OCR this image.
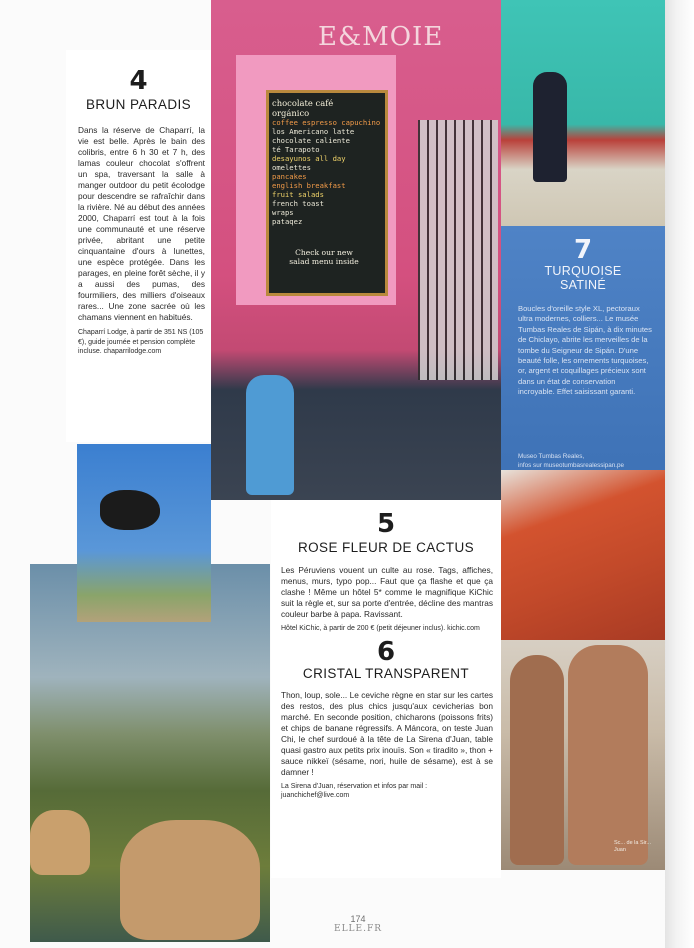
E&MOIE
chocolate café
orgánico
coffee espresso capuchino
los Americano latte
chocolate caliente
té Tarapoto
desayunos all day
omelettes
pancakes
english breakfast
fruit salads
french toast
wraps
pataqez
Check our new
salad menu inside
Sc... de la Sir... Juan
4
BRUN PARADIS
Dans la réserve de Chaparrí, la vie est belle. Après le bain des colibris, entre 6 h 30 et 7 h, des lamas couleur chocolat s'offrent un spa, traversant la salle à manger outdoor du petit écolodge pour descendre se rafraîchir dans la rivière. Né au début des années 2000, Chaparrí est tout à la fois une communauté et une réserve privée, abritant une petite cinquantaine d'ours à lunettes, une espèce protégée. Dans les parages, en pleine forêt sèche, il y a aussi des pumas, des fourmiliers, des milliers d'oiseaux rares... Une zone sacrée où les chamans viennent en habitués.
Chaparrí Lodge, à partir de 351 NS (105 €), guide journée et pension complète incluse. chaparrilodge.com
5
ROSE FLEUR DE CACTUS
Les Péruviens vouent un culte au rose. Tags, affiches, menus, murs, typo pop... Faut que ça flashe et que ça clashe ! Même un hôtel 5* comme le magnifique KiChic suit la règle et, sur sa porte d'entrée, décline des mantras couleur barbe à papa. Ravissant.
Hôtel KiChic, à partir de 200 € (petit déjeuner inclus). kichic.com
6
CRISTAL TRANSPARENT
Thon, loup, sole... Le ceviche règne en star sur les cartes des restos, des plus chics jusqu'aux cevicherias bon marché. En seconde position, chicharons (poissons frits) et chips de banane régressifs. A Máncora, on teste Juan Chi, le chef surdoué à la tête de La Sirena d'Juan, table quasi gastro aux petits prix inouïs. Son « tiradito », thon + sauce nikkeï (sésame, nori, huile de sésame), est à se damner !
La Sirena d'Juan, réservation et infos par mail : juanchichef@live.com
7
TURQUOISE
SATINÉ
Boucles d'oreille style XL, pectoraux ultra modernes, colliers... Le musée Tumbas Reales de Sipán, à dix minutes de Chiclayo, abrite les merveilles de la tombe du Seigneur de Sipán. D'une beauté folle, les ornements turquoises, or, argent et coquillages précieux sont dans un état de conservation incroyable. Effet saisissant garanti.
Museo Tumbas Reales,
infos sur museotumbasrealessipan.pe
174
ELLE.FR
